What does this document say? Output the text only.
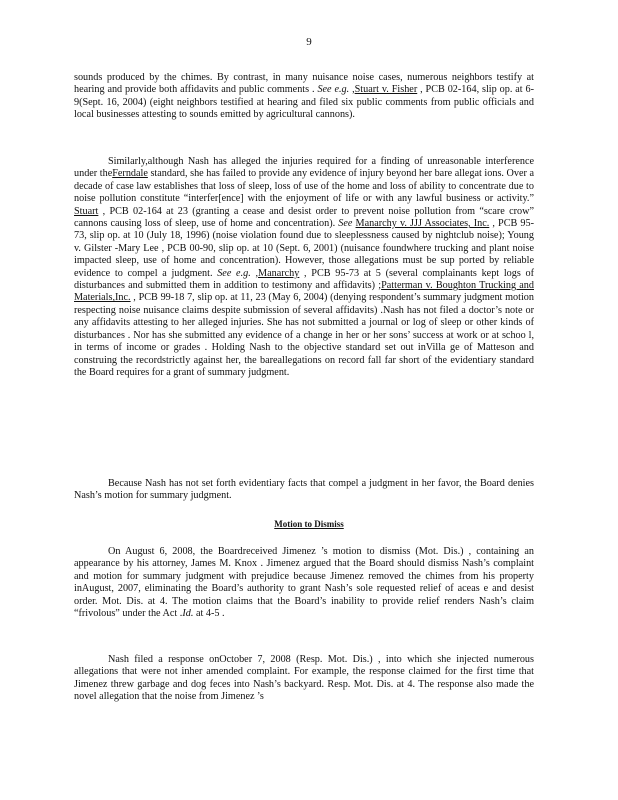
9

sounds produced by the chimes. By contrast, in many nuisance noise cases, numerous neighbors testify at hearing and provide both affidavits and public comments . See e.g. ,Stuart v. Fisher , PCB 02-164, slip op. at 6-9(Sept. 16, 2004) (eight neighbors testified at hearing and filed six public comments from public officials and local businesses attesting to sounds emitted by agricultural cannons).

Similarly,although Nash has alleged the injuries required for a finding of unreasonable interference under theFerndale standard, she has failed to provide any evidence of injury beyond her bare allegat ions. Over a decade of case law establishes that loss of sleep, loss of use of the home and loss of ability to concentrate due to noise pollution constitute “interfer[ence] with the enjoyment of life or with any lawful business or activity.” Stuart , PCB 02-164 at 23 (granting a cease and desist order to prevent noise pollution from “scare crow” cannons causing loss of sleep, use of home and concentration). See Manarchy v. JJJ Associates, Inc. , PCB 95-73, slip op. at 10 (July 18, 1996) (noise violation found due to sleeplessness caused by nightclub noise); Young v. Gilster -Mary Lee , PCB 00-90, slip op. at 10 (Sept. 6, 2001) (nuisance foundwhere trucking and plant noise impacted sleep, use of home and concentration). However, those allegations must be sup ported by reliable evidence to compel a judgment. See e.g. ,Manarchy , PCB 95-73 at 5 (several complainants kept logs of disturbances and submitted them in addition to testimony and affidavits) ;Patterman v. Boughton Trucking and Materials,Inc. , PCB 99-18 7, slip op. at 11, 23 (May 6, 2004) (denying respondent’s summary judgment motion respecting noise nuisance claims despite submission of several affidavits) .Nash has not filed a doctor’s note or any affidavits attesting to her alleged injuries. She has not submitted a journal or log of sleep or other kinds of disturbances . Nor has she submitted any evidence of a change in her or her sons’ success at work or at schoo l, in terms of income or grades . Holding Nash to the objective standard set out inVilla ge of Matteson and construing the recordstrictly against her, the bareallegations on record fall far short of the evidentiary standard the Board requires for a grant of summary judgment.

Because Nash has not set forth evidentiary facts that compel a judgment in her favor, the Board denies Nash’s motion for summary judgment.

Motion to Dismiss

On August 6, 2008, the Boardreceived Jimenez ’s motion to dismiss (Mot. Dis.) , containing an appearance by his attorney, James M. Knox . Jimenez argued that the Board should dismiss Nash’s complaint and motion for summary judgment with prejudice because Jimenez removed the chimes from his property inAugust, 2007, eliminating the Board’s authority to grant Nash’s sole requested relief of aceas e and desist order. Mot. Dis. at 4. The motion claims that the Board’s inability to provide relief renders Nash’s claim “frivolous” under the Act .Id. at 4-5 .

Nash filed a response onOctober 7, 2008 (Resp. Mot. Dis.) , into which she injected numerous allegations that were not inher amended complaint. For example, the response claimed for the first time that Jimenez threw garbage and dog feces into Nash’s backyard. Resp. Mot. Dis. at 4. The response also made the novel allegation that the noise from Jimenez ’s
